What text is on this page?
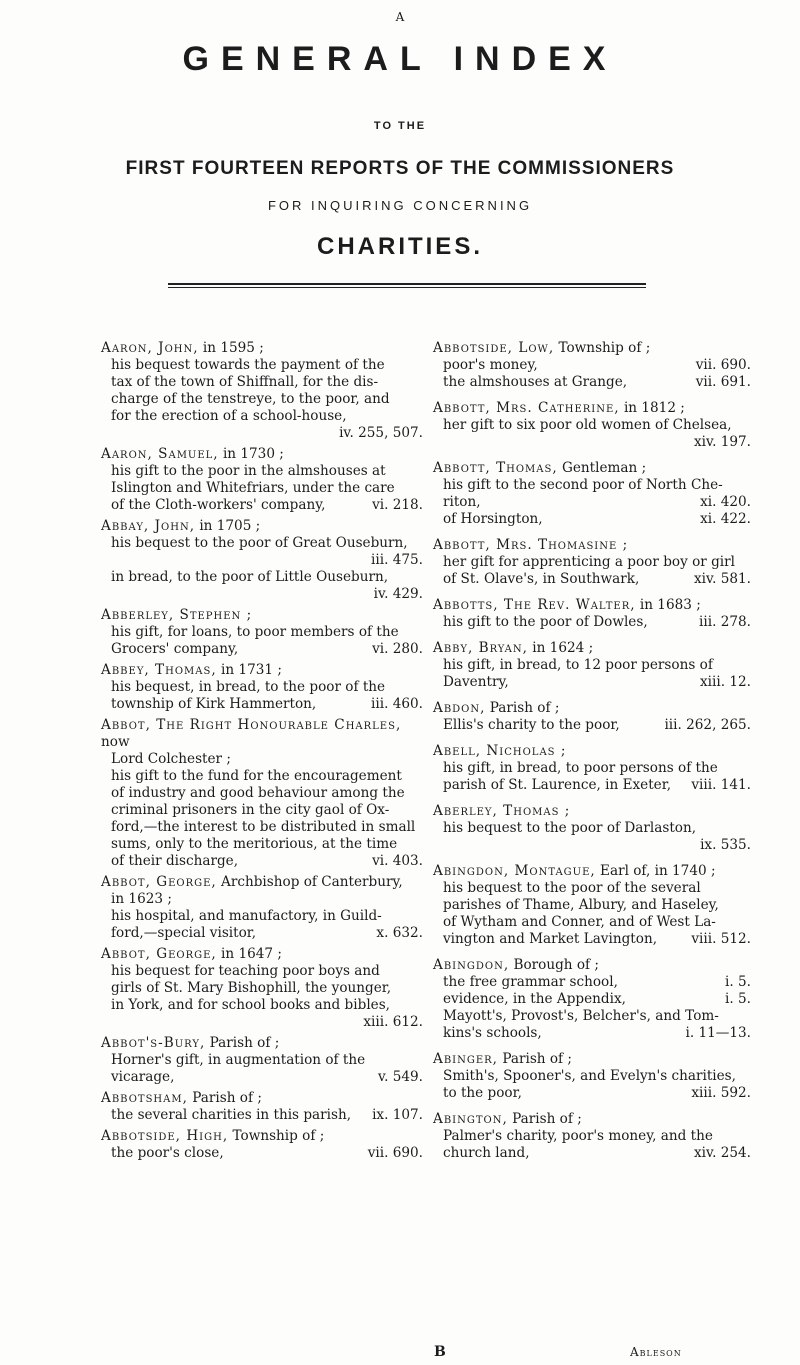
A
GENERAL INDEX
TO THE
FIRST FOURTEEN REPORTS OF THE COMMISSIONERS
FOR INQUIRING CONCERNING
CHARITIES.
Aaron, John, in 1595 ;
his bequest towards the payment of the
tax of the town of Shiffnall, for the dis-
charge of the tenstreye, to the poor, and
for the erection of a school-house,
iv. 255, 507.

Aaron, Samuel, in 1730 ;
his gift to the poor in the almshouses at
Islington and Whitefriars, under the care
vi. 218.
of the Cloth-workers' company,
Abbay, John, in 1705 ;
his bequest to the poor of Great Ouseburn,
iii. 475.

in bread, to the poor of Little Ouseburn,
iv. 429.

Abberley, Stephen ;
his gift, for loans, to poor members of the
vi. 280.
Grocers' company,
Abbey, Thomas, in 1731 ;
his bequest, in bread, to the poor of the
iii. 460.
township of Kirk Hammerton,
Abbot, The Right Honourable Charles, now
Lord Colchester ;
his gift to the fund for the encouragement
of industry and good behaviour among the
criminal prisoners in the city gaol of Ox-
ford,—the interest to be distributed in small
sums, only to the meritorious, at the time
vi. 403.
of their discharge,
Abbot, George, Archbishop of Canterbury,
in 1623 ;
his hospital, and manufactory, in Guild-
x. 632.
ford,—special visitor,
Abbot, George, in 1647 ;
his bequest for teaching poor boys and
girls of St. Mary Bishophill, the younger,
in York, and for school books and bibles,
xiii. 612.

Abbot's-Bury, Parish of ;
Horner's gift, in augmentation of the
v. 549.
vicarage,
Abbotsham, Parish of ;
ix. 107.
the several charities in this parish,
Abbotside, High, Township of ;
vii. 690.
the poor's close,
Abbotside, Low, Township of ;
vii. 690.
poor's money,
vii. 691.
the almshouses at Grange,
Abbott, Mrs. Catherine, in 1812 ;
her gift to six poor old women of Chelsea,
xiv. 197.

Abbott, Thomas, Gentleman ;
his gift to the second poor of North Che-
xi. 420.
riton,
xi. 422.
of Horsington,
Abbott, Mrs. Thomasine ;
her gift for apprenticing a poor boy or girl
xiv. 581.
of St. Olave's, in Southwark,
Abbotts, The Rev. Walter, in 1683 ;
iii. 278.
his gift to the poor of Dowles,
Abby, Bryan, in 1624 ;
his gift, in bread, to 12 poor persons of
xiii. 12.
Daventry,
Abdon, Parish of ;
iii. 262, 265.
Ellis's charity to the poor,
Abell, Nicholas ;
his gift, in bread, to poor persons of the
viii. 141.
parish of St. Laurence, in Exeter,
Aberley, Thomas ;
his bequest to the poor of Darlaston,
ix. 535.

Abingdon, Montague, Earl of, in 1740 ;
his bequest to the poor of the several
parishes of Thame, Albury, and Haseley,
of Wytham and Conner, and of West La-
viii. 512.
vington and Market Lavington,
Abingdon, Borough of ;
i. 5.
the free grammar school,
i. 5.
evidence, in the Appendix,
Mayott's, Provost's, Belcher's, and Tom-
i. 11—13.
kins's schools,
Abinger, Parish of ;
Smith's, Spooner's, and Evelyn's charities,
xiii. 592.
to the poor,
Abington, Parish of ;
Palmer's charity, poor's money, and the
xiv. 254.
church land,
B	Ableson
